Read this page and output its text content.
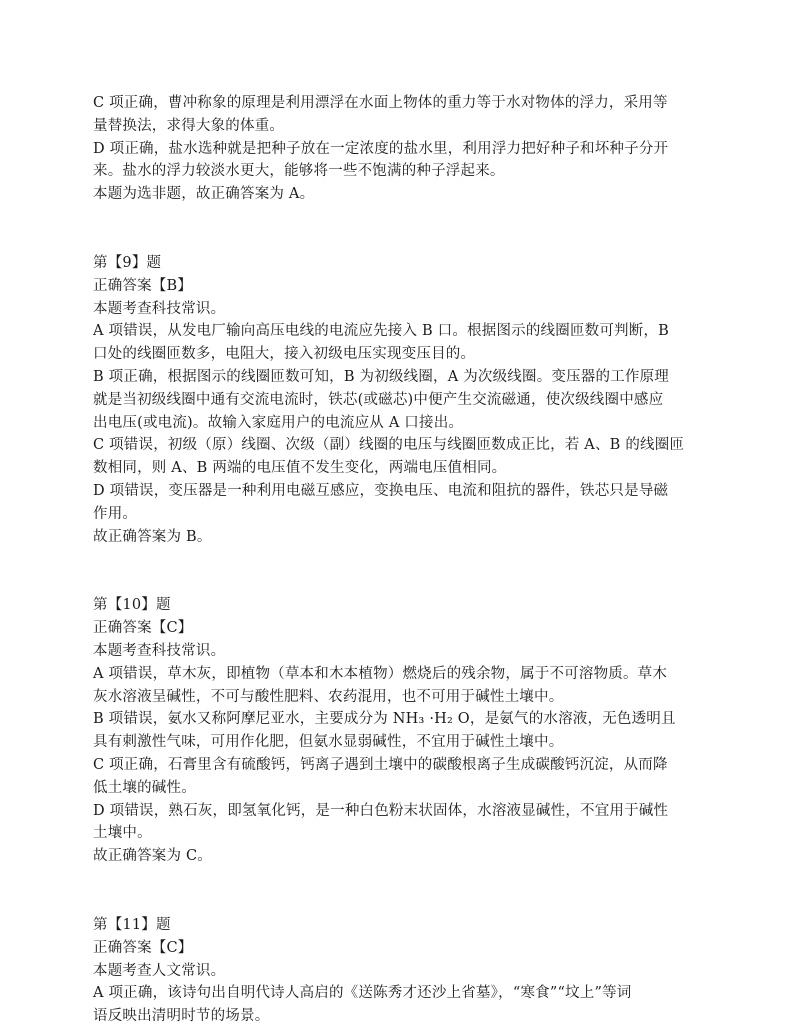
C 项正确，曹冲称象的原理是利用漂浮在水面上物体的重力等于水对物体的浮力，采用等
量替换法，求得大象的体重。
D 项正确，盐水选种就是把种子放在一定浓度的盐水里，利用浮力把好种子和坏种子分开
来。盐水的浮力较淡水更大，能够将一些不饱满的种子浮起来。
本题为选非题，故正确答案为 A。
第【9】题
正确答案【B】
本题考查科技常识。
A 项错误，从发电厂输向高压电线的电流应先接入 B 口。根据图示的线圈匝数可判断，B
口处的线圈匝数多，电阻大，接入初级电压实现变压目的。
B 项正确，根据图示的线圈匝数可知，B 为初级线圈，A 为次级线圈。变压器的工作原理
就是当初级线圈中通有交流电流时，铁芯(或磁芯)中便产生交流磁通，使次级线圈中感应
出电压(或电流)。故输入家庭用户的电流应从 A 口接出。
C 项错误，初级（原）线圈、次级（副）线圈的电压与线圈匝数成正比，若 A、B 的线圈匝
数相同，则 A、B 两端的电压值不发生变化，两端电压值相同。
D 项错误，变压器是一种利用电磁互感应，变换电压、电流和阻抗的器件，铁芯只是导磁
作用。
故正确答案为 B。
第【10】题
正确答案【C】
本题考查科技常识。
A 项错误，草木灰，即植物（草本和木本植物）燃烧后的残余物，属于不可溶物质。草木
灰水溶液呈碱性，不可与酸性肥料、农药混用，也不可用于碱性土壤中。
B 项错误，氨水又称阿摩尼亚水，主要成分为 NH₃ ·H₂ O，是氨气的水溶液，无色透明且
具有刺激性气味，可用作化肥，但氨水显弱碱性，不宜用于碱性土壤中。
C 项正确，石膏里含有硫酸钙，钙离子遇到土壤中的碳酸根离子生成碳酸钙沉淀，从而降
低土壤的碱性。
D 项错误，熟石灰，即氢氧化钙，是一种白色粉末状固体，水溶液显碱性，不宜用于碱性
土壤中。
故正确答案为 C。
第【11】题
正确答案【C】
本题考查人文常识。
A 项正确，该诗句出自明代诗人高启的《送陈秀才还沙上省墓》，“寒食”“坟上”等词
语反映出清明时节的场景。
